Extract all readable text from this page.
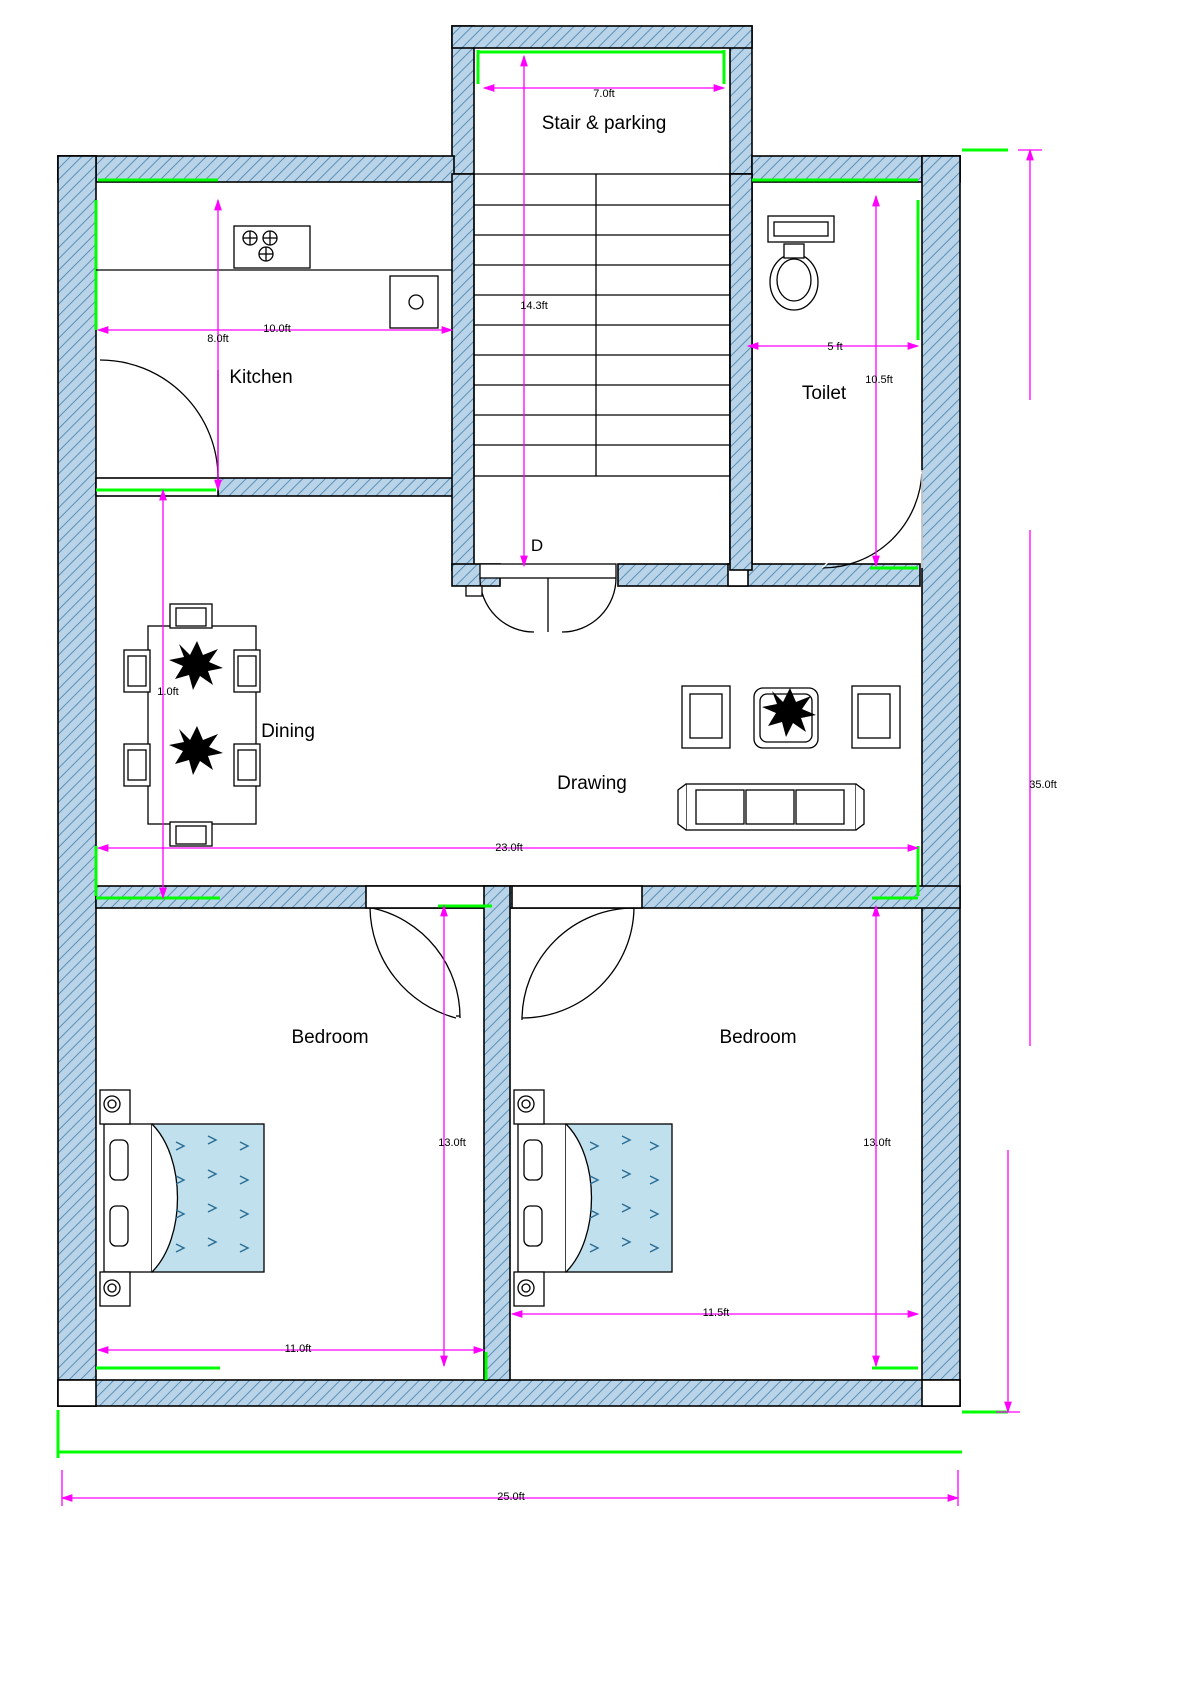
Stair & parking
Kitchen
Toilet
Dining
Drawing
Bedroom	Bedroom
D
7.0ft
10.0ft
8.0ft
14.3ft
5 ft
10.5ft
1.0ft
23.0ft
13.0ft	13.0ft
11.5ft
11.0ft
35.0ft
25.0ft
